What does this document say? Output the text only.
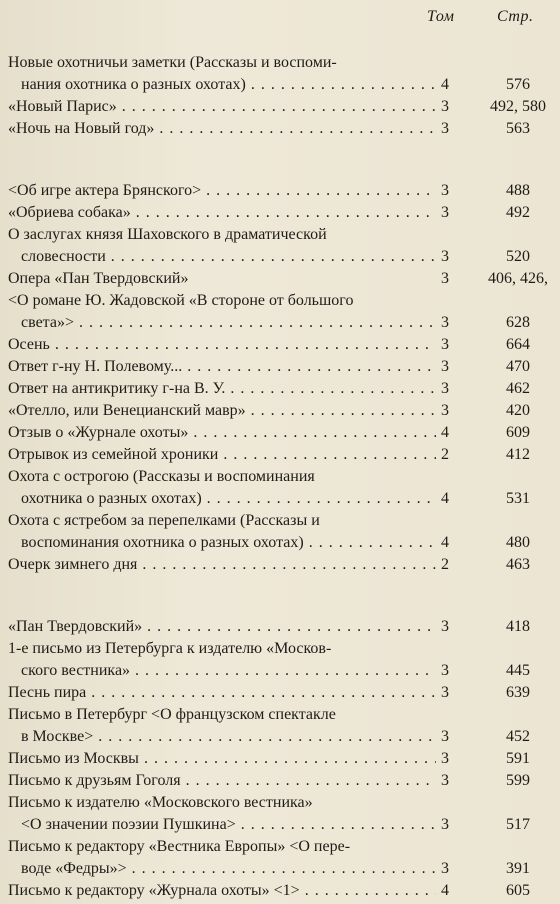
Том	Стр.
Новые охотничьи заметки (Рассказы и воспоми-
нания охотника о разных охотах) . . .	4	576
«Новый Парис» . . .	3	492, 580
«Ночь на Новый год» . . .	3	563
<Об игре актера Брянского> . . .	3	488
«Обриева собака» . . .	3	492
О заслугах князя Шаховского в драматической
словесности . . .	3	520
Опера «Пан Твердовский»	3	406, 426,
<О романе Ю. Жадовской «В стороне от большого
света»> . . .	3	628
Осень . . .	3	664
Ответ г-ну Н. Полевому... . . .	3	470
Ответ на антикритику г-на В. У. . . .	3	462
«Отелло, или Венецианский мавр» . . .	3	420
Отзыв о «Журнале охоты» . . .	4	609
Отрывок из семейной хроники . . .	2	412
Охота с острогою (Рассказы и воспоминания
охотника о разных охотах) . . .	4	531
Охота с ястребом за перепелками (Рассказы и
воспоминания охотника о разных охотах) . . .	4	480
Очерк зимнего дня . . .	2	463
«Пан Твердовский» . . .	3	418
1-е письмо из Петербурга к издателю «Москов-
ского вестника» . . .	3	445
Песнь пира . . .	3	639
Письмо в Петербург <О французском спектакле
в Москве> . . .	3	452
Письмо из Москвы . . .	3	591
Письмо к друзьям Гоголя . . .	3	599
Письмо к издателю «Московского вестника»
<О значении поэзии Пушкина> . . .	3	517
Письмо к редактору «Вестника Европы» <О пере-
воде «Федры»> . . .	3	391
Письмо к редактору «Журнала охоты» <1> . . .	4	605
